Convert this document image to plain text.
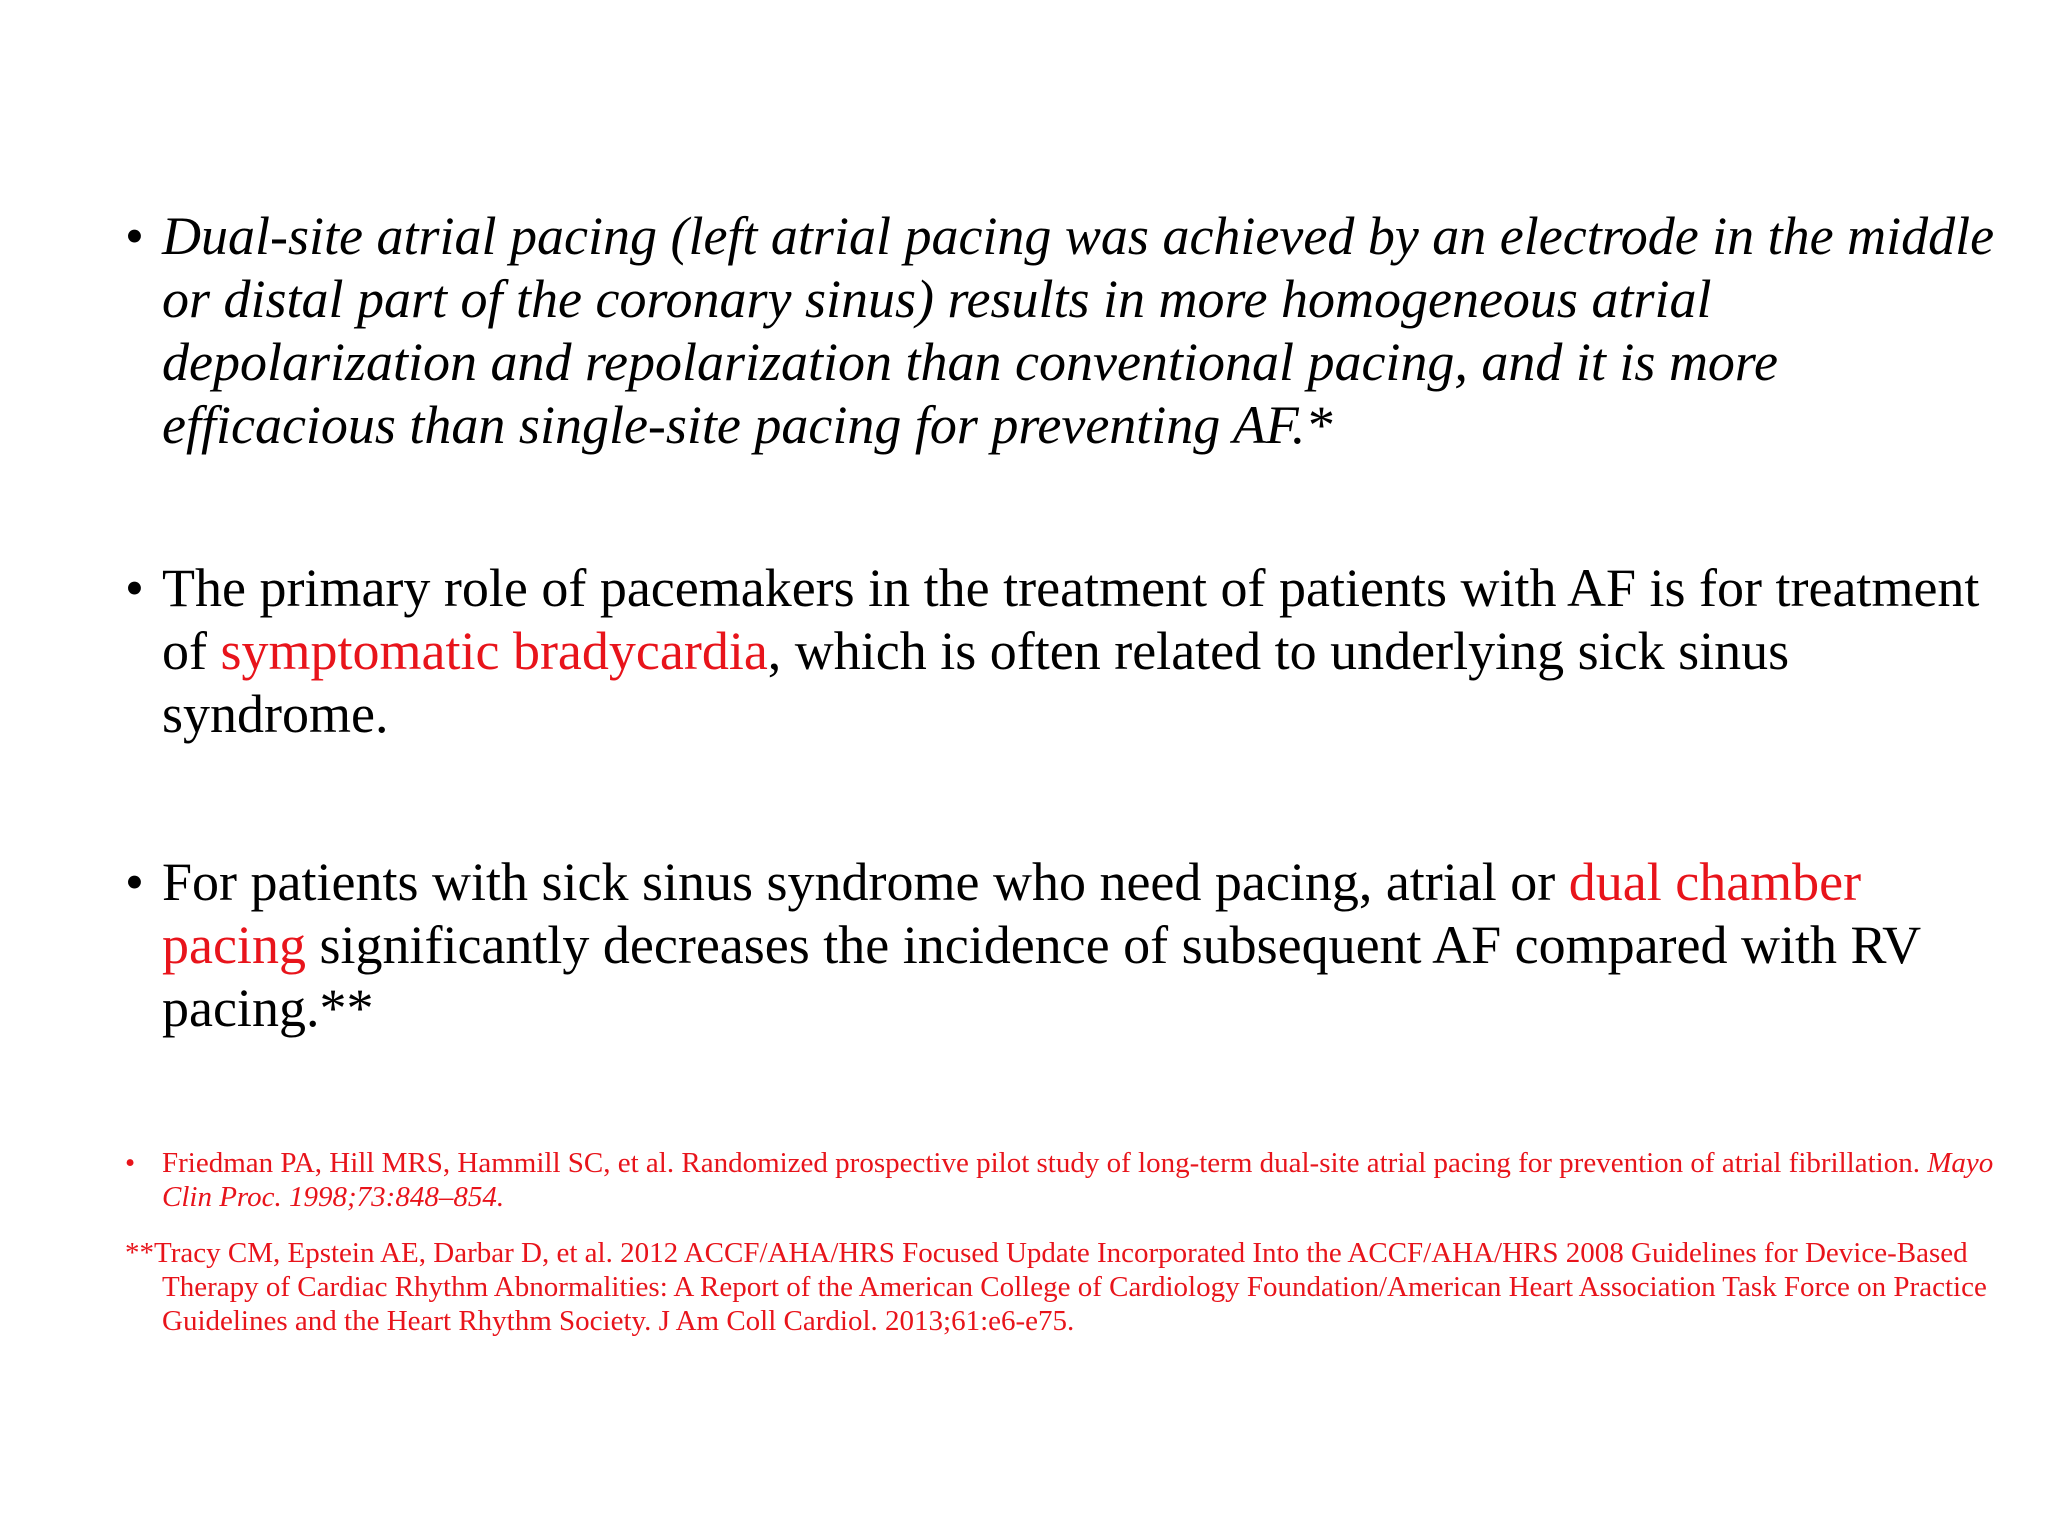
• Dual-site atrial pacing (left atrial pacing was achieved by an electrode in the middle or distal part of the coronary sinus) results in more homogeneous atrial depolarization and repolarization than conventional pacing, and it is more efficacious than single-site pacing for preventing AF.*
• The primary role of pacemakers in the treatment of patients with AF is for treatment of symptomatic bradycardia, which is often related to underlying sick sinus syndrome.
• For patients with sick sinus syndrome who need pacing, atrial or dual chamber pacing significantly decreases the incidence of subsequent AF compared with RV pacing.**
• Friedman PA, Hill MRS, Hammill SC, et al. Randomized prospective pilot study of long-term dual-site atrial pacing for prevention of atrial fibrillation. Mayo Clin Proc. 1998;73:848–854.
**Tracy CM, Epstein AE, Darbar D, et al. 2012 ACCF/AHA/HRS Focused Update Incorporated Into the ACCF/AHA/HRS 2008 Guidelines for Device-Based Therapy of Cardiac Rhythm Abnormalities: A Report of the American College of Cardiology Foundation/American Heart Association Task Force on Practice Guidelines and the Heart Rhythm Society. J Am Coll Cardiol. 2013;61:e6-e75.
